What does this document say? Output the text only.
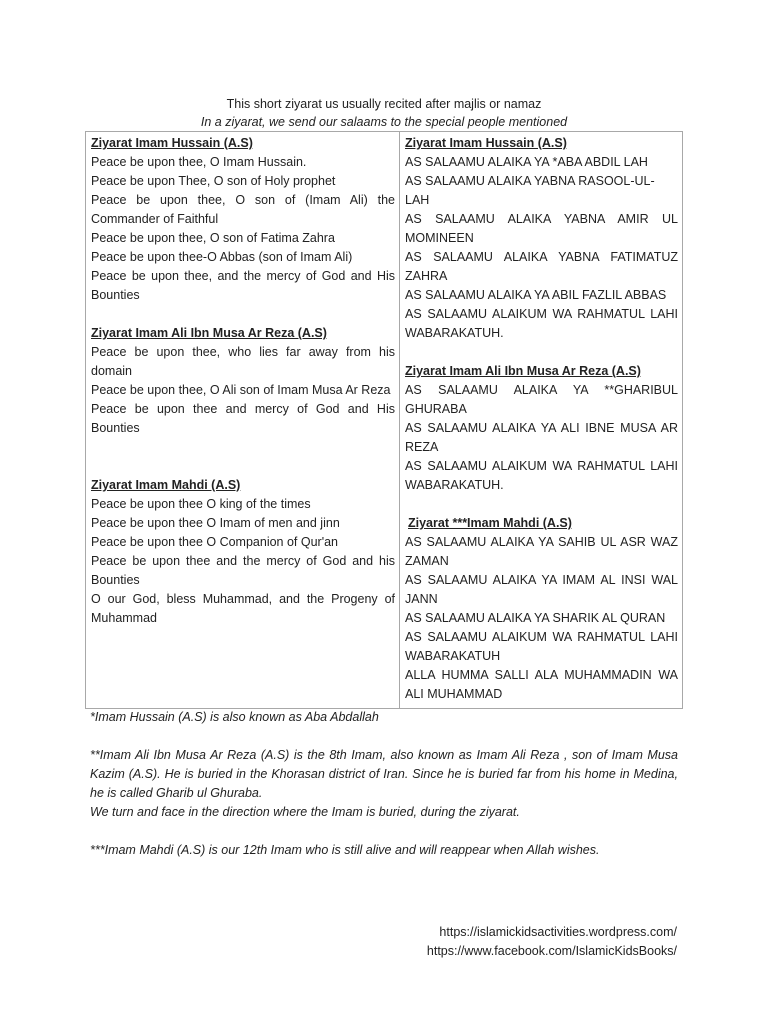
This short ziyarat us usually recited after majlis or namaz
In a ziyarat, we send our salaams to the special people mentioned
Ziyarat Imam Hussain (A.S)
Peace be upon thee, O Imam Hussain.
Peace be upon Thee, O son of Holy prophet
Peace be upon thee, O son of (Imam Ali) the Commander of Faithful
Peace be upon thee, O son of Fatima Zahra
Peace be upon thee-O Abbas (son of Imam Ali)
Peace be upon thee, and the mercy of God and His Bounties
Ziyarat Imam Ali Ibn Musa Ar Reza (A.S)
Peace be upon thee, who lies far away from his domain
Peace be upon thee, O Ali son of Imam Musa Ar Reza
Peace be upon thee and mercy of God and His Bounties
Ziyarat Imam Mahdi (A.S)
Peace be upon thee O king of the times
Peace be upon thee O Imam of men and jinn
Peace be upon thee O Companion of Qur'an
Peace be upon thee and the mercy of God and his Bounties
O our God, bless Muhammad, and the Progeny of Muhammad

Ziyarat Imam Hussain (A.S)
AS SALAAMU ALAIKA YA *ABA ABDIL LAH
AS SALAAMU ALAIKA YABNA RASOOL-UL-LAH
AS SALAAMU ALAIKA YABNA AMIR UL MOMINEEN
AS SALAAMU ALAIKA YABNA FATIMATUZ ZAHRA
AS SALAAMU ALAIKA YA ABIL FAZLIL ABBAS
AS SALAAMU ALAIKUM WA RAHMATUL LAHI WABARAKATUH.
Ziyarat Imam Ali Ibn Musa Ar Reza (A.S)
AS SALAAMU ALAIKA YA **GHARIBUL GHURABA
AS SALAAMU ALAIKA YA ALI IBNE MUSA AR REZA
AS SALAAMU ALAIKUM WA RAHMATUL LAHI WABARAKATUH.
Ziyarat ***Imam Mahdi (A.S)
AS SALAAMU ALAIKA YA SAHIB UL ASR WAZ ZAMAN
AS SALAAMU ALAIKA YA IMAM AL INSI WAL JANN
AS SALAAMU ALAIKA YA SHARIK AL QURAN
AS SALAAMU ALAIKUM WA RAHMATUL LAHI WABARAKATUH
ALLA HUMMA SALLI ALA MUHAMMADIN WA ALI MUHAMMAD
*Imam Hussain (A.S) is also known as Aba Abdallah
**Imam Ali Ibn Musa Ar Reza (A.S) is the 8th Imam, also known as Imam Ali Reza , son of Imam Musa Kazim (A.S). He is buried in the Khorasan district of Iran. Since he is buried far from his home in Medina, he is called Gharib ul Ghuraba.
We turn and face in the direction where the Imam is buried, during the ziyarat.
***Imam Mahdi (A.S) is our 12th Imam who is still alive and will reappear when Allah wishes.
https://islamickidsactivities.wordpress.com/
https://www.facebook.com/IslamicKidsBooks/
